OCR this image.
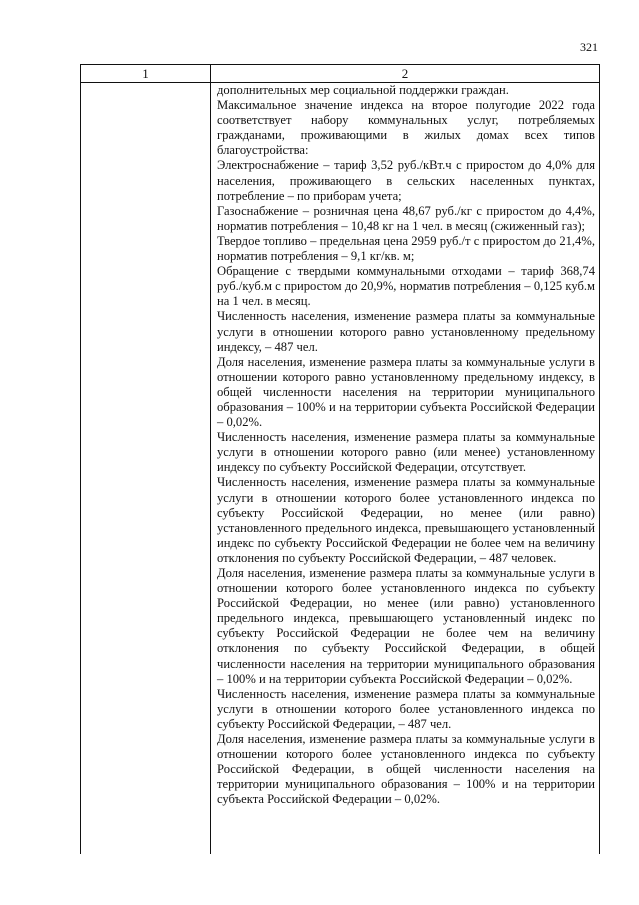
321
1	2

дополнительных мер социальной поддержки граждан.

Максимальное значение индекса на второе полугодие 2022 года соответствует набору коммунальных услуг, потребляемых гражданами, проживающими в жилых домах всех типов благоустройства:

Электроснабжение – тариф 3,52 руб./кВт.ч с приростом до 4,0% для населения, проживающего в сельских населенных пунктах, потребление – по приборам учета;

Газоснабжение – розничная цена 48,67 руб./кг с приростом до 4,4%, норматив потребления – 10,48 кг на 1 чел. в месяц (сжиженный газ);

Твердое топливо – предельная цена 2959 руб./т с приростом до 21,4%, норматив потребления – 9,1 кг/кв. м;

Обращение с твердыми коммунальными отходами – тариф 368,74 руб./куб.м с приростом до 20,9%, норматив потребления – 0,125 куб.м на 1 чел. в месяц.

Численность населения, изменение размера платы за коммунальные услуги в отношении которого равно установленному предельному индексу, – 487 чел.

Доля населения, изменение размера платы за коммунальные услуги в отношении которого равно установленному предельному индексу, в общей численности населения на территории муниципального образования – 100% и на территории субъекта Российской Федерации – 0,02%.

Численность населения, изменение размера платы за коммунальные услуги в отношении которого равно (или менее) установленному индексу по субъекту Российской Федерации, отсутствует.

Численность населения, изменение размера платы за коммунальные услуги в отношении которого более установленного индекса по субъекту Российской Федерации, но менее (или равно) установленного предельного индекса, превышающего установленный индекс по субъекту Российской Федерации не более чем на величину отклонения по субъекту Российской Федерации, – 487 человек.

Доля населения, изменение размера платы за коммунальные услуги в отношении которого более установленного индекса по субъекту Российской Федерации, но менее (или равно) установленного предельного индекса, превышающего установленный индекс по субъекту Российской Федерации не более чем на величину отклонения по субъекту Российской Федерации, в общей численности населения на территории муниципального образования – 100% и на территории субъекта Российской Федерации – 0,02%.

Численность населения, изменение размера платы за коммунальные услуги в отношении которого более установленного индекса по субъекту Российской Федерации, – 487 чел.

Доля населения, изменение размера платы за коммунальные услуги в отношении которого более установленного индекса по субъекту Российской Федерации, в общей численности населения на территории муниципального образования – 100% и на территории субъекта Российской Федерации – 0,02%.
